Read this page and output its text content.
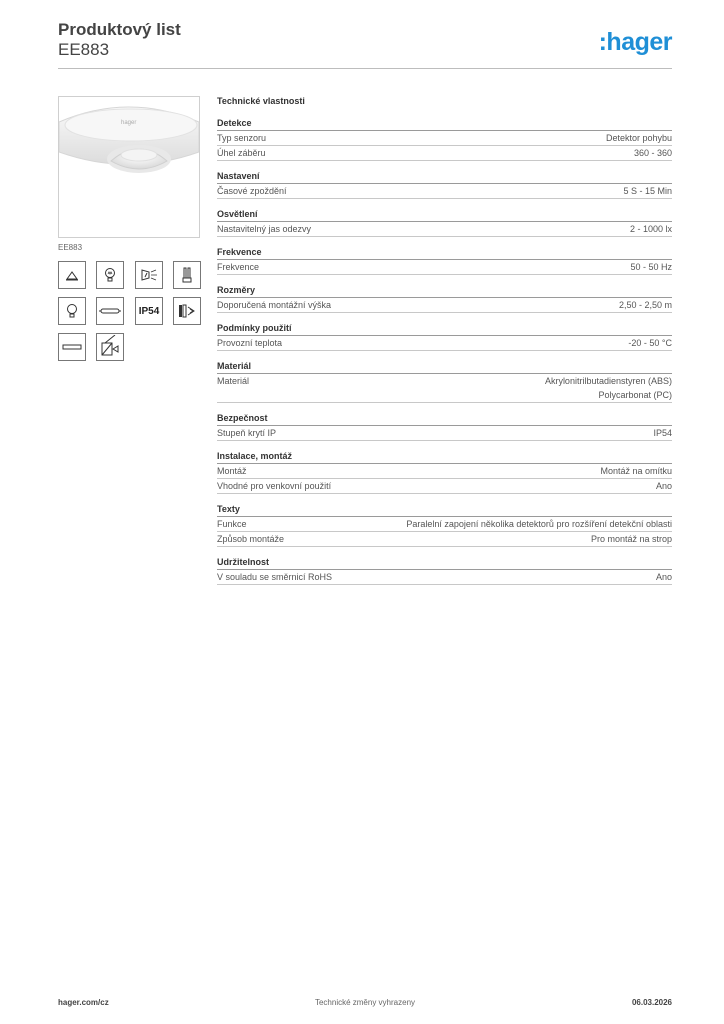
Produktový list
EE883	:hager
hager
EE883
IP54
Technické vlastnosti
Detekce
Typ senzoru	Detektor pohybu
Úhel záběru	360 - 360
Nastavení
Časové zpoždění	5 S - 15 Min
Osvětlení
Nastavitelný jas odezvy	2 - 1000 lx
Frekvence
Frekvence	50 - 50 Hz
Rozměry
Doporučená montážní výška	2,50 - 2,50 m
Podmínky použití
Provozní teplota	-20 - 50 °C
Materiál
Materiál	Akrylonitrilbutadienstyren (ABS)
Polycarbonat (PC)
Bezpečnost
Stupeň krytí IP	IP54
Instalace, montáž
Montáž	Montáž na omítku
Vhodné pro venkovní použití	Ano
Texty
Funkce	Paralelní zapojení několika detektorů pro rozšíření detekční oblasti
Způsob montáže	Pro montáž na strop
Udržitelnost
V souladu se směrnicí RoHS	Ano
hager.com/cz	Technické změny vyhrazeny	06.03.2026
